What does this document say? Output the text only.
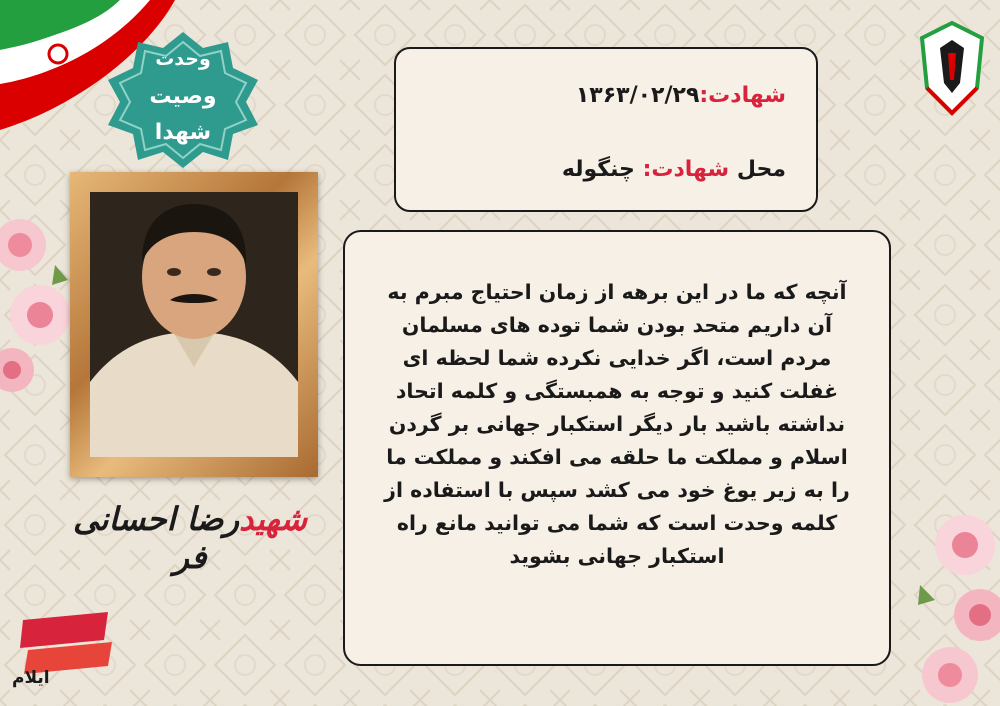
وحدت
وصیت
شهدا
شهیدرضا احسانی فر
شهادت:۱۳۶۳/۰۲/۲۹
محل شهادت: چنگوله
آنچه که ما در این برهه از زمان احتیاج مبرم به
آن داریم متحد بودن شما توده های مسلمان
مردم است، اگر خدایی نکرده شما لحظه ای
غفلت کنید و توجه به همبستگی و کلمه اتحاد
نداشته باشید بار دیگر استکبار جهانی بر گردن
اسلام و مملکت ما حلقه می افکند و مملکت ما
را به زیر یوغ خود می کشد سپس با استفاده از
کلمه وحدت است که شما می توانید مانع راه
استکبار جهانی بشوید
ایلام
